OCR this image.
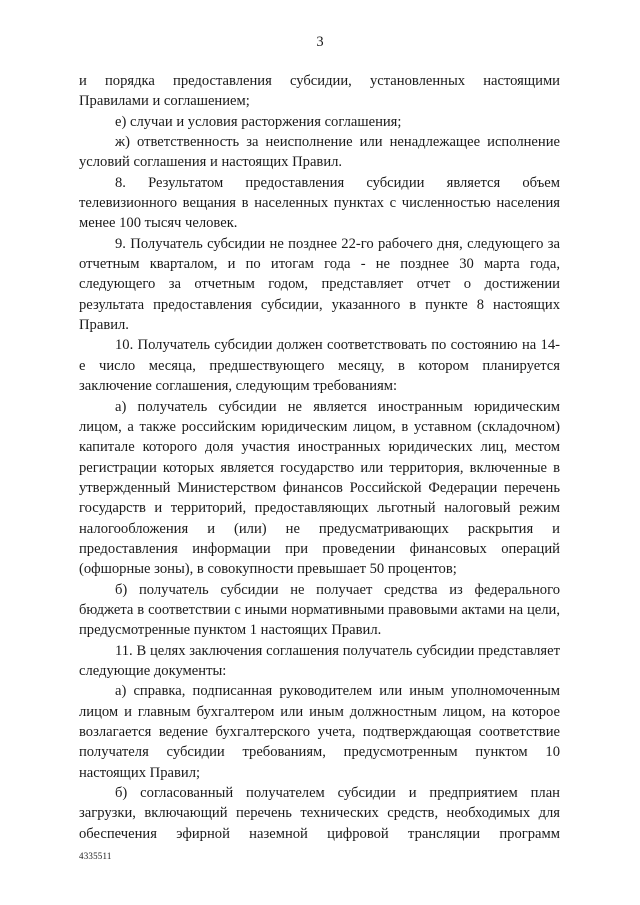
3

и порядка предоставления субсидии, установленных настоящими Правилами и соглашением;

е) случаи и условия расторжения соглашения;

ж) ответственность за неисполнение или ненадлежащее исполнение условий соглашения и настоящих Правил.

8. Результатом предоставления субсидии является объем телевизионного вещания в населенных пунктах с численностью населения менее 100 тысяч человек.

9. Получатель субсидии не позднее 22-го рабочего дня, следующего за отчетным кварталом, и по итогам года - не позднее 30 марта года, следующего за отчетным годом, представляет отчет о достижении результата предоставления субсидии, указанного в пункте 8 настоящих Правил.

10. Получатель субсидии должен соответствовать по состоянию на 14-е число месяца, предшествующего месяцу, в котором планируется заключение соглашения, следующим требованиям:

а) получатель субсидии не является иностранным юридическим лицом, а также российским юридическим лицом, в уставном (складочном) капитале которого доля участия иностранных юридических лиц, местом регистрации которых является государство или территория, включенные в утвержденный Министерством финансов Российской Федерации перечень государств и территорий, предоставляющих льготный налоговый режим налогообложения и (или) не предусматривающих раскрытия и предоставления информации при проведении финансовых операций (офшорные зоны), в совокупности превышает 50 процентов;

б) получатель субсидии не получает средства из федерального бюджета в соответствии с иными нормативными правовыми актами на цели, предусмотренные пунктом 1 настоящих Правил.

11. В целях заключения соглашения получатель субсидии представляет следующие документы:

а) справка, подписанная руководителем или иным уполномоченным лицом и главным бухгалтером или иным должностным лицом, на которое возлагается ведение бухгалтерского учета, подтверждающая соответствие получателя субсидии требованиям, предусмотренным пунктом 10 настоящих Правил;

б) согласованный получателем субсидии и предприятием план загрузки, включающий перечень технических средств, необходимых для обеспечения эфирной наземной цифровой трансляции программ

4335511
